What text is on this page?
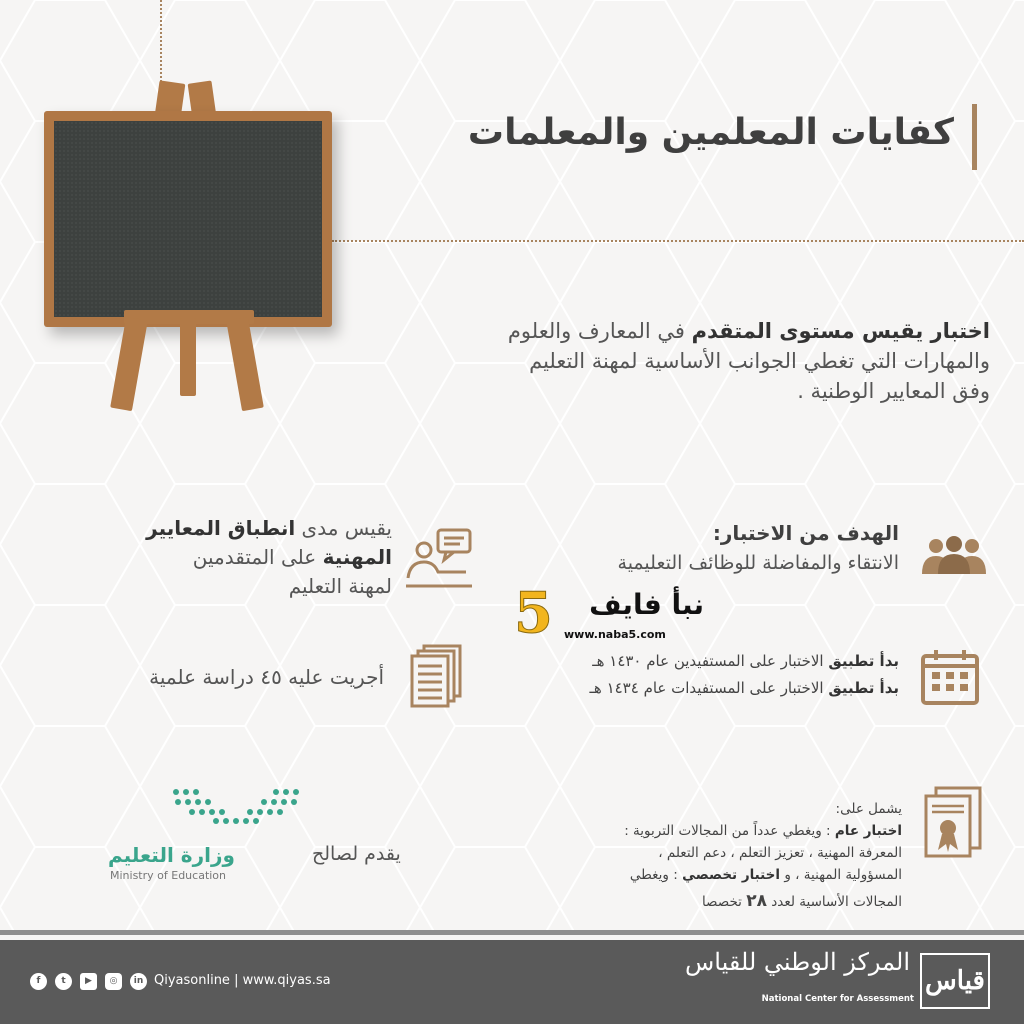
كفايات المعلمين والمعلمات
اختبار يقيس مستوى المتقدم في المعارف والعلوم
والمهارات التي تغطي الجوانب الأساسية لمهنة التعليم
وفق المعايير الوطنية .
الهدف من الاختبار:
الانتقاء والمفاضلة للوظائف التعليمية
يقيس مدى انطباق المعايير
المهنية على المتقدمين
لمهنة التعليم
أجريت عليه ٤٥ دراسة علمية
بدأ تطبيق الاختبار على المستفيدين عام ١٤٣٠ هـ
بدأ تطبيق الاختبار على المستفيدات عام ١٤٣٤ هـ
يشمل على:
اختبار عام : ويغطي عدداً من المجالات التربوية :
المعرفة المهنية ، تعزيز التعلم ، دعم التعلم ،
المسؤولية المهنية ، و اختبار تخصصي : ويغطي
المجالات الأساسية لعدد ٢٨ تخصصا
وزارة التعليم
Ministry of Education
يقدم لصالح
5	نبأ فايف
www.naba5.com
f	t	▶	◎	in Qiyasonline | www.qiyas.sa
المركز الوطني للقياس
National Center for Assessment
قياس
